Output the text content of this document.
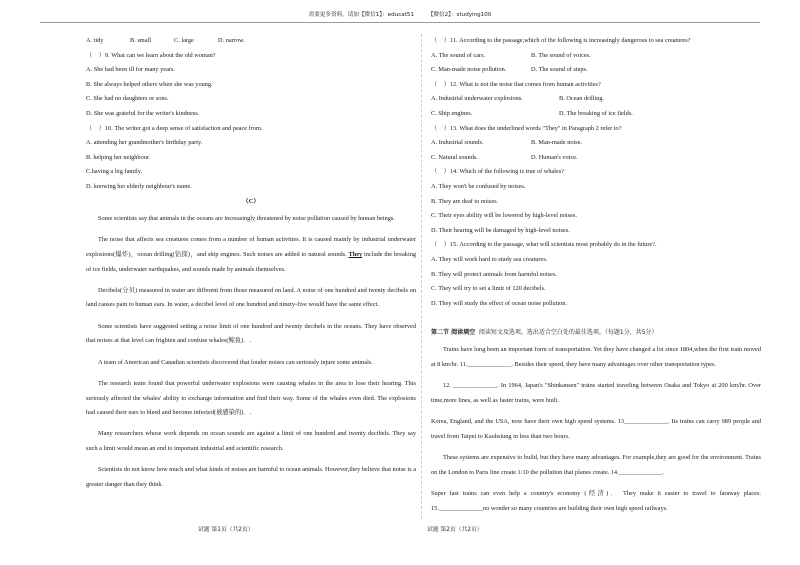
需要更多资料，请加【微信1】：educat51 【微信2】：studying100
A. tidy	B. small	C. large	D. narrow.
（　）9. What can we learn about the old woman?
A. She had been ill for many years.
B. She always helped others when she was young.
C. She had no daughters or sons.
D. She was grateful for the writer's kindness.
（　）10. The writer got a deep sense of satisfaction and peace from.
A. attending her grandmother's birthday party.
B. helping her neighbour.
C.having a big family.
D. knowing her elderly neighbour's name.
（C）

Some scientists say that animals in the oceans are increasingly threatened by noise pollution caused by human beings.

The noise that affects sea creatures comes from a number of human activities. It is caused mainly by industrial underwater explosions(爆炸)，ocean drilling(钻探)，and ship engines. Such noises are added to natural sounds. They include the breaking of ice fields, underwater earthquakes, and sounds made by animals themselves.

Decibels(分贝) measured in water are different from those measured on land. A noise of one hundred and twenty decibels on land causes pain to human ears. In water, a decibel level of one hundred and ninety-five would have the same effect.

Some scientists have suggested setting a noise limit of one hundred and twenty decibels in the oceans. They have observed that noises at that level can frighten and confuse whales(鲸鱼)．.

A team of American and Canadian scientists discovered that louder noises can seriously injure some animals.

The research team found that powerful underwater explosions were causing whales in the area to lose their hearing. This seriously affected the whales' ability to exchange information and find their way. Some of the whales even died. The explosions had caused their ears to bleed and become infected(被感染的)．.

Many researchers whose work depends on ocean sounds are against a limit of one hundred and twenty decibels. They say such a limit would mean an end to important industrial and scientific research.

Scientists do not know how much and what kinds of noises are harmful to ocean animals. However,they believe that noise is a greater danger than they think.

试题 第1页（共2页）
（　）11. According to the passage,which of the following is increasingly dangerous to sea creatures?
A. The sound of cars.	B. The sound of voices.
C. Man-made noise pollution.	D. The sound of steps.
（　）12. What is not the noise that comes from human activities?
A. Industrial underwater explosions.	B. Ocean drilling.
C. Ship engines.	D. The breaking of ice fields.
（　）13. What does the underlined words "They" in Paragraph 2 refer to?
A. Industrial sounds.	B. Man-made noise.
C. Natural sounds.	D. Human's voice.
（　）14. Which of the following is true of whales?
A. They won't be confused by noises.
B. They are deaf to noises.
C. Their eyes ability will be lowered by high-level noises.
D. Their hearing will be damaged by high-level noises.
（　）15. According to the passage, what will scientists most probably do in the future?.
A. They will work hard to study sea creatures.
B. They will protect animals from harmful noises.
C. They will try to set a limit of 120 decibels.
D. They will study the effect of ocean noise pollution.
第二节 阅读填空 阅读短文及选项，选出适合空白处的最佳选项。（每题1分，共5分）

Trains have long been an important form of transportation. Yet they have changed a lot since 1804,when the first train moved at 8 km/hr. 11.______________. Besides their speed, they have many advantages over other transportation types.

12. ______________. In 1964, Japan's "Shinkansen" trains started traveling between Osaka and Tokyo at 200 km/hr. Over time,more lines, as well as faster trains, were built.

Korea, England, and the USA, now have their own high speed systems. 13______________. Its trains can carry 989 people and travel from Taipei to Kaohsiung in less than two hours.

These systems are expensive to build, but they have many advantages. For example,they are good for the environment. Trains on the London to Paris line create 1/10 the pollution that planes create. 14.______________.

Super fast trains can even help a country's economy (经济)． They make it easier to travel to faraway places. 15.______________no wonder so many countries are building their own high speed railways.

试题 第2页（共2页）
